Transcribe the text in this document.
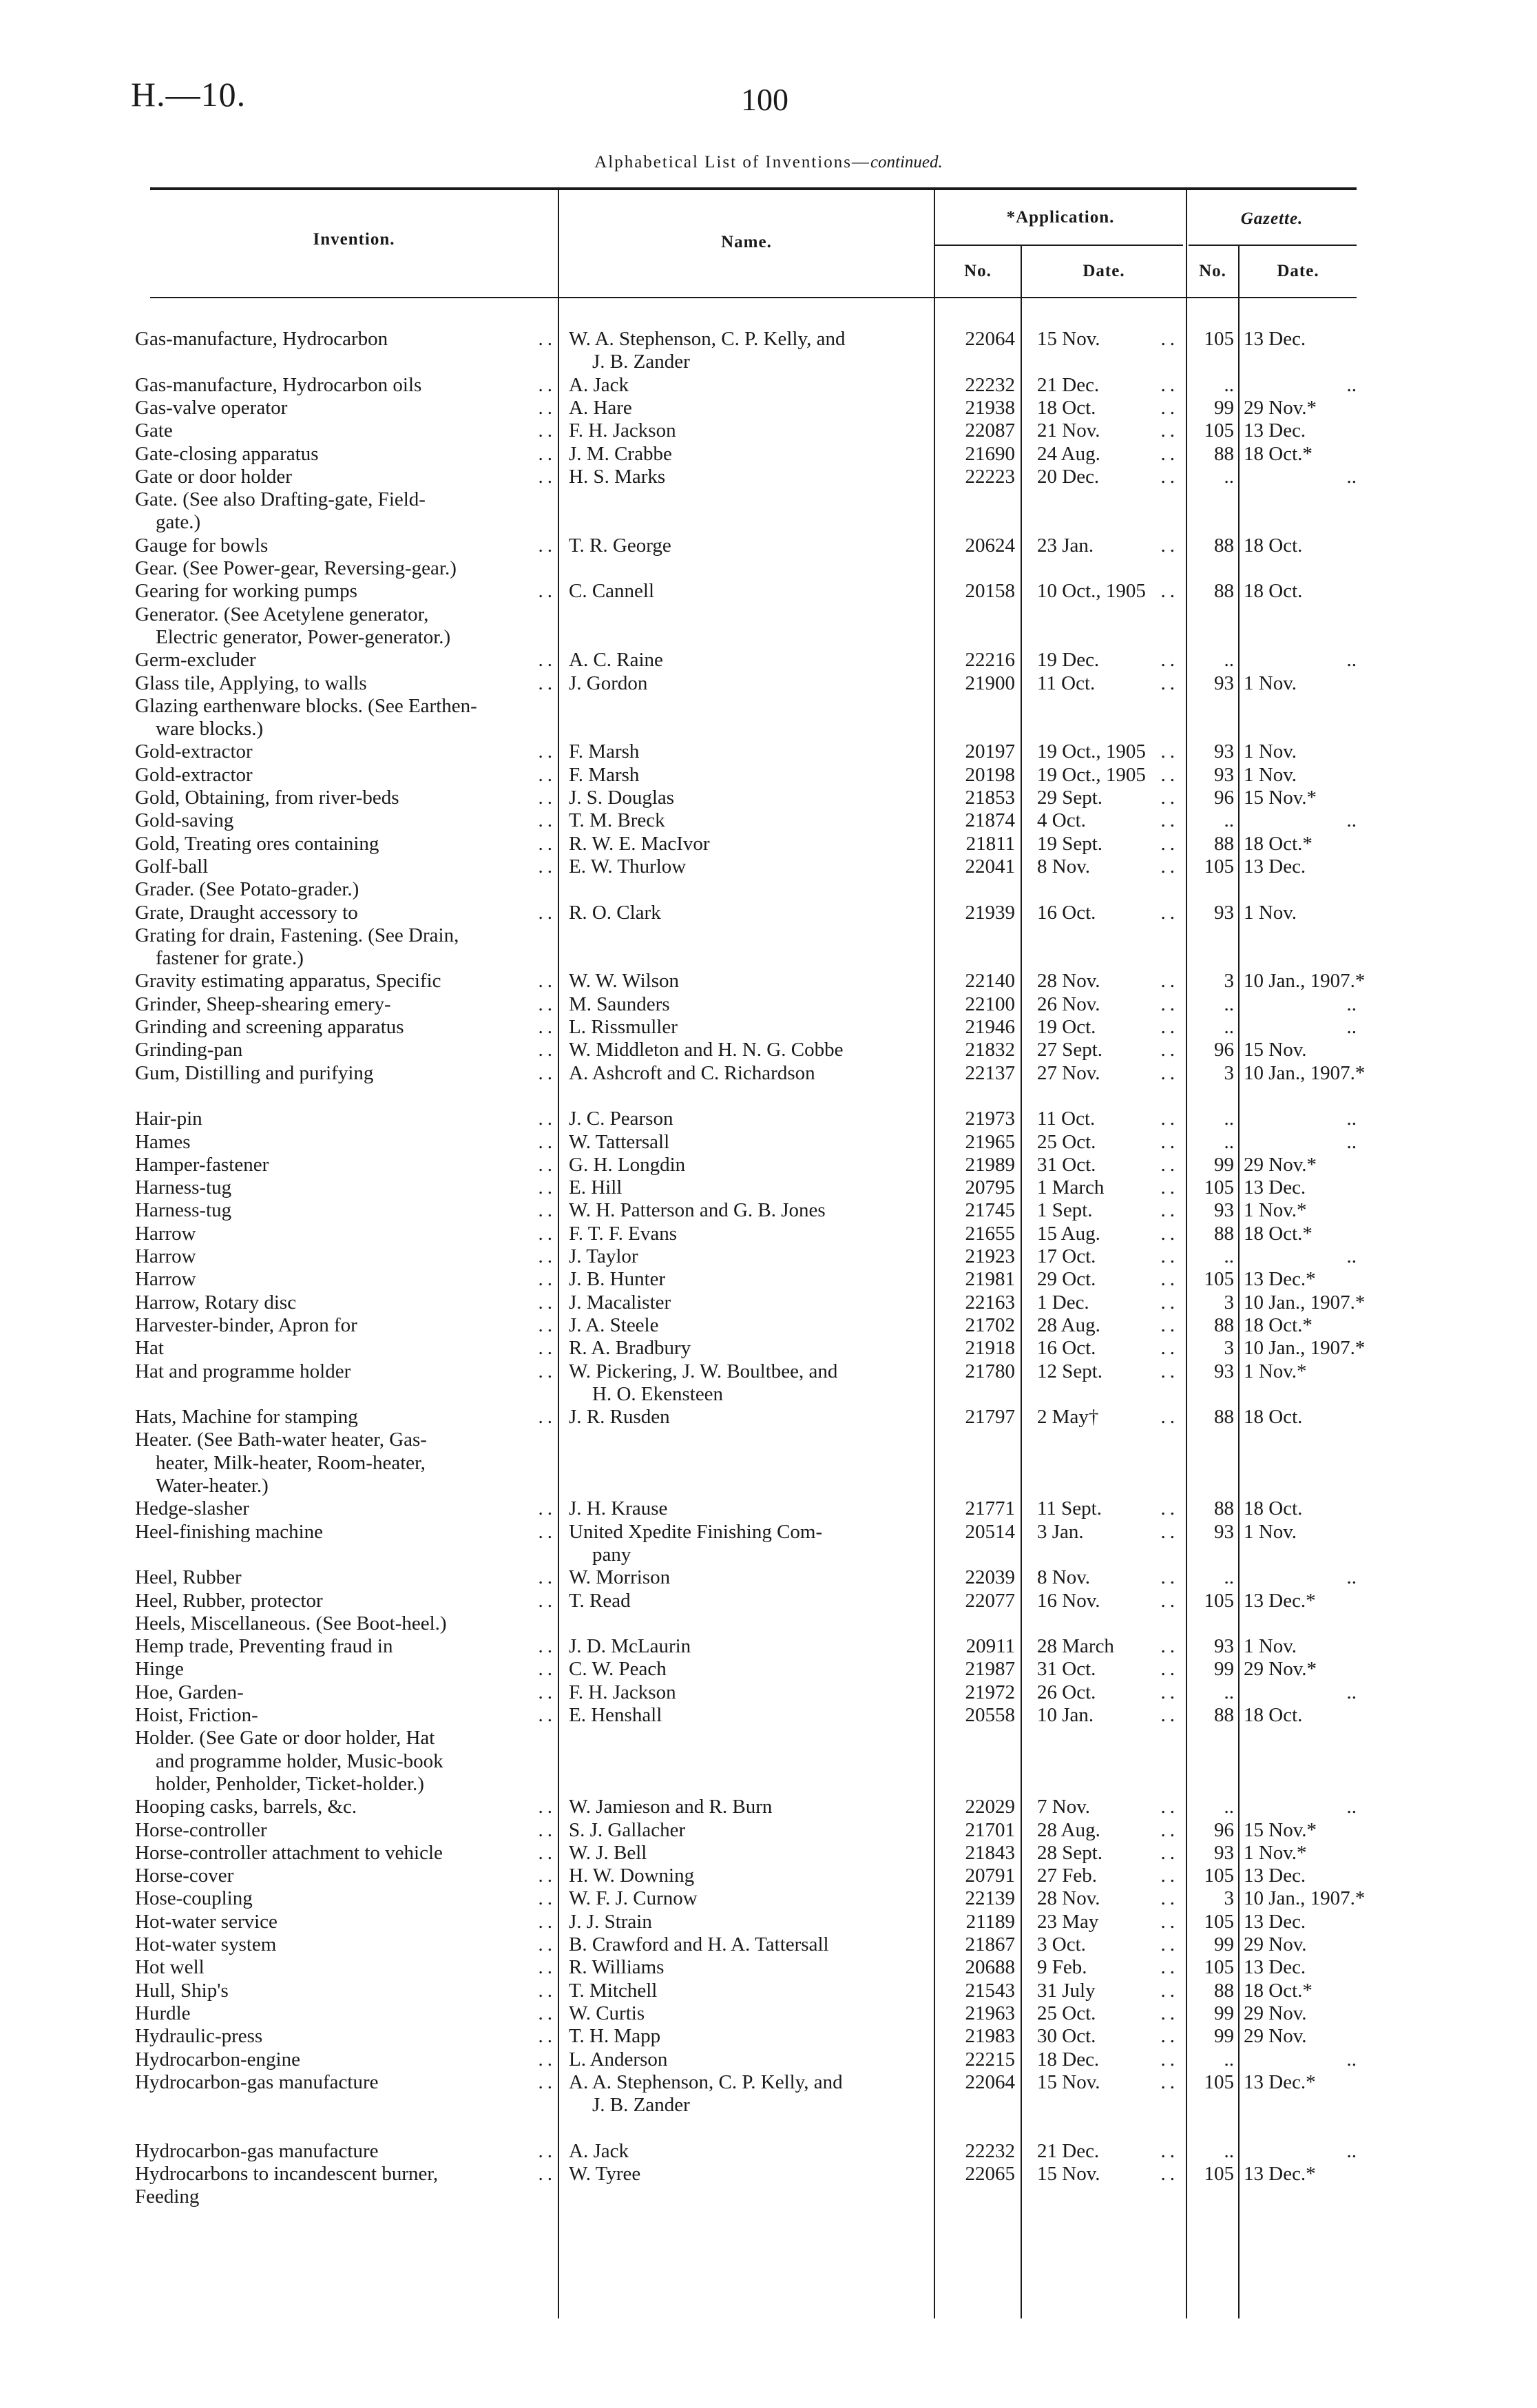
H.—10.	100
Alphabetical List of Inventions—continued.
Invention.	Name.
*Application.	Gazette.
No.	Date.	No.	Date.
Gas-manufacture, Hydrocarbon	.. W. A. Stephenson, C. P. Kelly, and	22064 15 Nov.	..	105 13 Dec.
J. B. Zander
Gas-manufacture, Hydrocarbon oils	.. A. Jack	22232 21 Dec.	..	..	..
Gas-valve operator	.. A. Hare	21938 18 Oct.	..	99 29 Nov.*
Gate	.. F. H. Jackson	22087 21 Nov.	..	105 13 Dec.
Gate-closing apparatus	.. J. M. Crabbe	21690 24 Aug.	..	88 18 Oct.*
Gate or door holder	.. H. S. Marks	22223 20 Dec.	..	..	..
Gate. (See also Drafting-gate, Field-
gate.)
Gauge for bowls	.. T. R. George	20624 23 Jan.	..	88 18 Oct.
Gear. (See Power-gear, Reversing-gear.)
Gearing for working pumps	.. C. Cannell	20158 10 Oct., 1905 ..	88 18 Oct.
Generator. (See Acetylene generator,
Electric generator, Power-generator.)
Germ-excluder	.. A. C. Raine	22216 19 Dec.	..	..	..
Glass tile, Applying, to walls	.. J. Gordon	21900 11 Oct.	..	93 1 Nov.
Glazing earthenware blocks. (See Earthen-
ware blocks.)
Gold-extractor	.. F. Marsh	20197 19 Oct., 1905 ..	93 1 Nov.
Gold-extractor	.. F. Marsh	20198 19 Oct., 1905 ..	93 1 Nov.
Gold, Obtaining, from river-beds	.. J. S. Douglas	21853 29 Sept.	..	96 15 Nov.*
Gold-saving	.. T. M. Breck	21874 4 Oct.	..	..	..
Gold, Treating ores containing	.. R. W. E. MacIvor	21811 19 Sept.	..	88 18 Oct.*
Golf-ball	.. E. W. Thurlow	22041 8 Nov.	..	105 13 Dec.
Grader. (See Potato-grader.)
Grate, Draught accessory to	.. R. O. Clark	21939 16 Oct.	..	93 1 Nov.
Grating for drain, Fastening. (See Drain,
fastener for grate.)
Gravity estimating apparatus, Specific	.. W. W. Wilson	22140 28 Nov.	..	3 10 Jan., 1907.*
Grinder, Sheep-shearing emery-	.. M. Saunders	22100 26 Nov.	..	..	..
Grinding and screening apparatus	.. L. Rissmuller	21946 19 Oct.	..	..	..
Grinding-pan	.. W. Middleton and H. N. G. Cobbe	21832 27 Sept.	..	96 15 Nov.
Gum, Distilling and purifying	.. A. Ashcroft and C. Richardson	22137 27 Nov.	..	3 10 Jan., 1907.*
Hair-pin	.. J. C. Pearson	21973 11 Oct.	..	..	..
Hames	.. W. Tattersall	21965 25 Oct.	..	..	..
Hamper-fastener	.. G. H. Longdin	21989 31 Oct.	..	99 29 Nov.*
Harness-tug	.. E. Hill	20795 1 March	..	105 13 Dec.
Harness-tug	.. W. H. Patterson and G. B. Jones	21745 1 Sept.	..	93 1 Nov.*
Harrow	.. F. T. F. Evans	21655 15 Aug.	..	88 18 Oct.*
Harrow	.. J. Taylor	21923 17 Oct.	..	..	..
Harrow	.. J. B. Hunter	21981 29 Oct.	..	105 13 Dec.*
Harrow, Rotary disc	.. J. Macalister	22163 1 Dec.	..	3 10 Jan., 1907.*
Harvester-binder, Apron for	.. J. A. Steele	21702 28 Aug.	..	88 18 Oct.*
Hat	.. R. A. Bradbury	21918 16 Oct.	..	3 10 Jan., 1907.*
Hat and programme holder	.. W. Pickering, J. W. Boultbee, and	21780 12 Sept.	..	93 1 Nov.*
H. O. Ekensteen
Hats, Machine for stamping	.. J. R. Rusden	21797 2 May†	..	88 18 Oct.
Heater. (See Bath-water heater, Gas-
heater, Milk-heater, Room-heater,
Water-heater.)
Hedge-slasher	.. J. H. Krause	21771 11 Sept.	..	88 18 Oct.
Heel-finishing machine	.. United Xpedite Finishing Com-	20514 3 Jan.	..	93 1 Nov.
pany
Heel, Rubber	.. W. Morrison	22039 8 Nov.	..	..	..
Heel, Rubber, protector	.. T. Read	22077 16 Nov.	..	105 13 Dec.*
Heels, Miscellaneous. (See Boot-heel.)
Hemp trade, Preventing fraud in	.. J. D. McLaurin	20911 28 March ..	93 1 Nov.
Hinge	.. C. W. Peach	21987 31 Oct.	..	99 29 Nov.*
Hoe, Garden-	.. F. H. Jackson	21972 26 Oct.	..	..	..
Hoist, Friction-	.. E. Henshall	20558 10 Jan.	..	88 18 Oct.
Holder. (See Gate or door holder, Hat
and programme holder, Music-book
holder, Penholder, Ticket-holder.)
Hooping casks, barrels, &c.	.. W. Jamieson and R. Burn	22029 7 Nov.	..	..	..
Horse-controller	.. S. J. Gallacher	21701 28 Aug.	..	96 15 Nov.*
Horse-controller attachment to vehicle	.. W. J. Bell	21843 28 Sept.	..	93 1 Nov.*
Horse-cover	.. H. W. Downing	20791 27 Feb.	..	105 13 Dec.
Hose-coupling	.. W. F. J. Curnow	22139 28 Nov.	..	3 10 Jan., 1907.*
Hot-water service	.. J. J. Strain	21189 23 May	..	105 13 Dec.
Hot-water system	.. B. Crawford and H. A. Tattersall	21867 3 Oct.	..	99 29 Nov.
Hot well	.. R. Williams	20688 9 Feb.	..	105 13 Dec.
Hull, Ship's	.. T. Mitchell	21543 31 July	..	88 18 Oct.*
Hurdle	.. W. Curtis	21963 25 Oct.	..	99 29 Nov.
Hydraulic-press	.. T. H. Mapp	21983 30 Oct.	..	99 29 Nov.
Hydrocarbon-engine	.. L. Anderson	22215 18 Dec.	..	..	..
Hydrocarbon-gas manufacture	.. A. A. Stephenson, C. P. Kelly, and	22064 15 Nov.	..	105 13 Dec.*
J. B. Zander
Hydrocarbon-gas manufacture	.. A. Jack	22232 21 Dec.	..	..	..
Hydrocarbons to incandescent burner,	.. W. Tyree	22065 15 Nov.	..	105 13 Dec.*
Feeding
